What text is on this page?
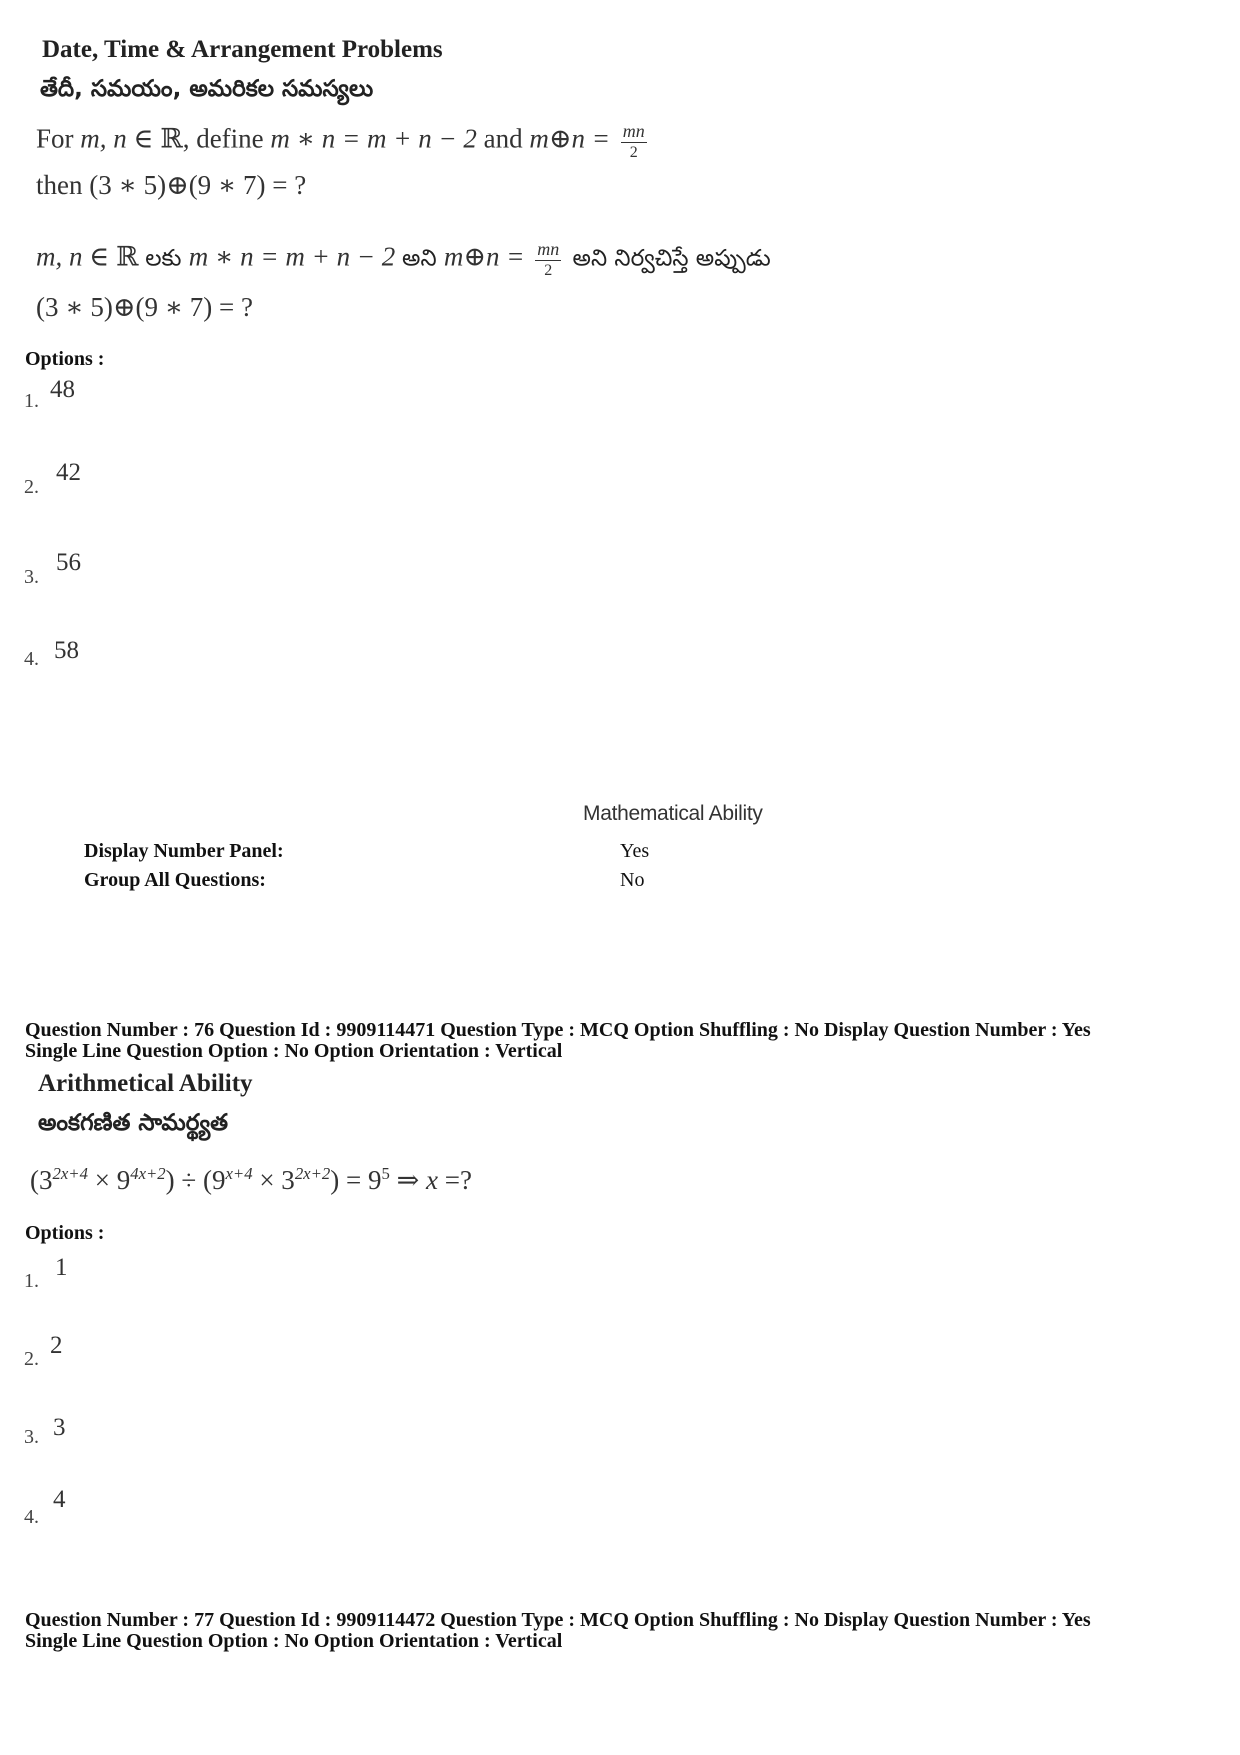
Date, Time & Arrangement Problems
తేదీ, సమయం, అమరికల సమస్యలు
For m, n ∈ ℝ, define m ∗ n = m + n − 2 and m⊕n = $\frac{mn}{2}$
then (3 ∗ 5)⊕(9 ∗ 7) = ?
m, n ∈ ℝ లకు m ∗ n = m + n − 2 అని m⊕n = $\frac{mn}{2}$ అని నిర్వచిస్తే అప్పుడు
(3 ∗ 5)⊕(9 ∗ 7) = ?
Options :
1. 48
2.
42
3.
56
4. 58
Mathematical Ability
Display Number Panel:	Yes
Group All Questions:	No
Question Number : 76 Question Id : 9909114471 Question Type : MCQ Option Shuffling : No Display Question Number : Yes
Single Line Question Option : No Option Orientation : Vertical
Arithmetical Ability
అంకగణిత సామర్థ్యత
$(3^{2x+4} \times 9^{4x+2}) \div (9^{x+4} \times 3^{2x+2}) = 9^5$ ⇒ x =?
Options :
1. 1
2. 2
3. 3
4.
4
Question Number : 77 Question Id : 9909114472 Question Type : MCQ Option Shuffling : No Display Question Number : Yes
Single Line Question Option : No Option Orientation : Vertical
